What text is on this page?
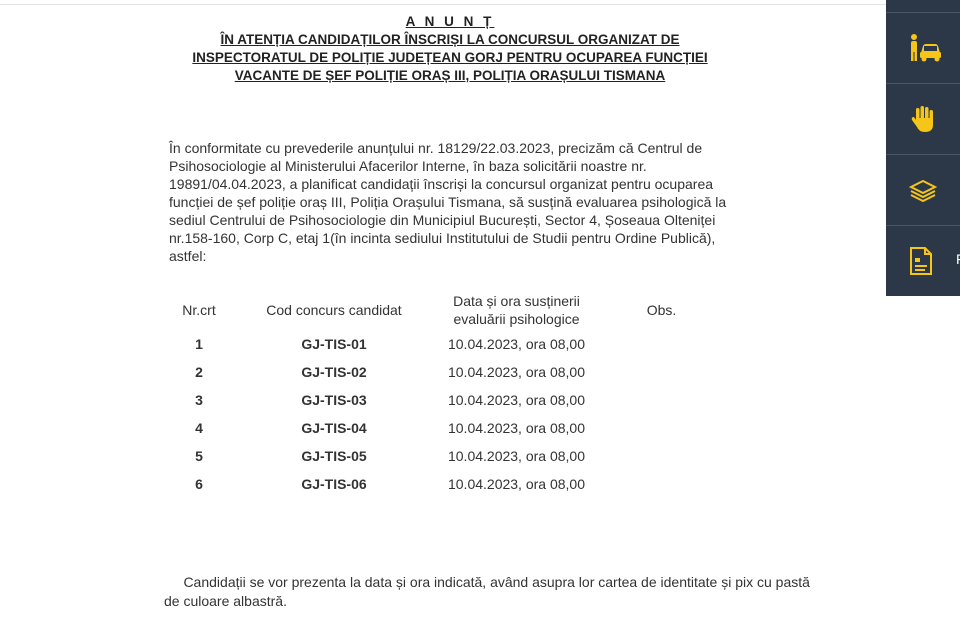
A N U N Ț
ÎN ATENȚIA CANDIDAȚILOR ÎNSCRIȘI LA CONCURSUL ORGANIZAT DE
INSPECTORATUL DE POLIȚIE JUDEȚEAN GORJ PENTRU OCUPAREA FUNCȚIEI
VACANTE DE ȘEF POLIȚIE ORAȘ III, POLIȚIA ORAȘULUI TISMANA
În conformitate cu prevederile anunțului nr. 18129/22.03.2023, precizăm că Centrul de
Psihosociologie al Ministerului Afacerilor Interne, în baza solicitării noastre nr.
19891/04.04.2023, a planificat candidații înscriși la concursul organizat pentru ocuparea
funcției de șef poliție oraș III, Poliția Orașului Tismana, să susțină evaluarea psihologică la
sediul Centrului de Psihosociologie din Municipiul București, Sector 4, Șoseaua Olteniței
nr.158-160, Corp C, etaj 1(în incinta sediului Institutului de Studii pentru Ordine Publică),
astfel:
Nr.crt	Cod concurs candidat	Data și ora susținerii
evaluării psihologice	Obs.
1	GJ-TIS-01	10.04.2023, ora 08,00	
2	GJ-TIS-02	10.04.2023, ora 08,00	
3	GJ-TIS-03	10.04.2023, ora 08,00	
4	GJ-TIS-04	10.04.2023, ora 08,00	
5	GJ-TIS-05	10.04.2023, ora 08,00	
6	GJ-TIS-06	10.04.2023, ora 08,00	
Candidații se vor prezenta la data și ora indicată, având asupra lor cartea de identitate și pix cu pastă
de culoare albastră.
F
